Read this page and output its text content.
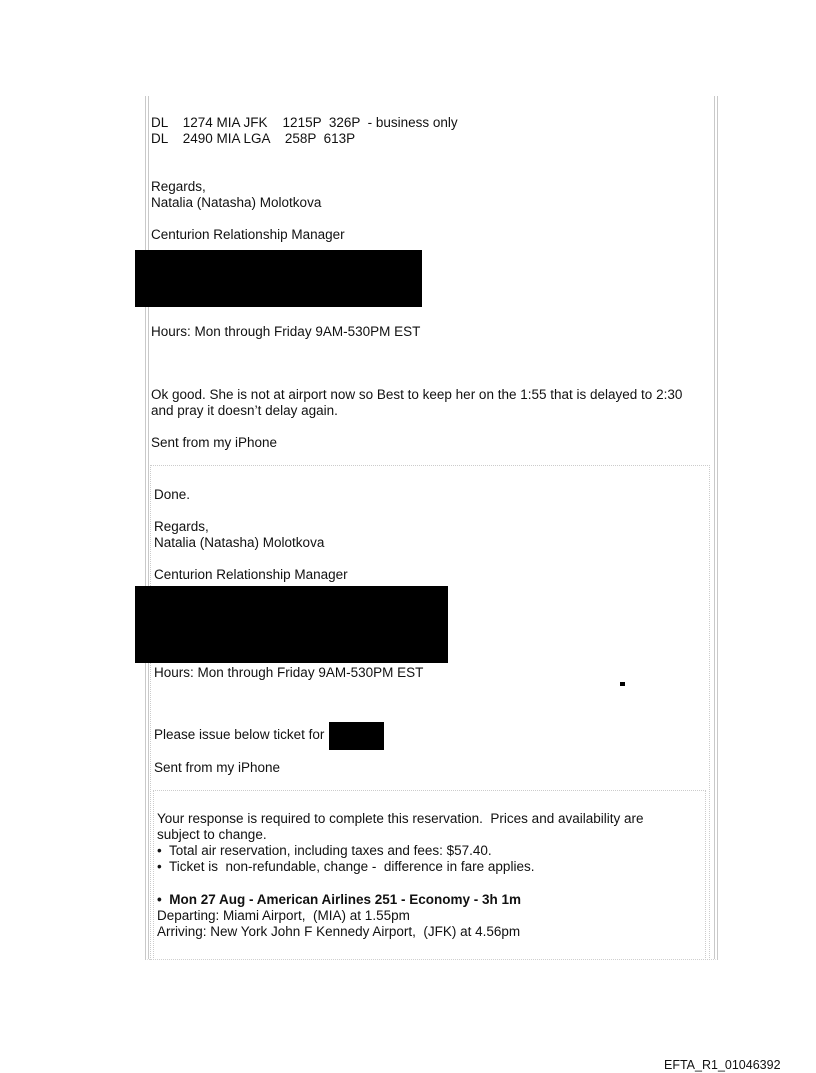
DL    1274 MIA JFK    1215P  326P  - business only
DL    2490 MIA LGA    258P  613P
Regards,
Natalia (Natasha) Molotkova
Centurion Relationship Manager
Hours: Mon through Friday 9AM-530PM EST
Ok good. She is not at airport now so Best to keep her on the 1:55 that is delayed to 2:30
and pray it doesn’t delay again.
Sent from my iPhone
Done.
Regards,
Natalia (Natasha) Molotkova
Centurion Relationship Manager
Hours: Mon through Friday 9AM-530PM EST
Please issue below ticket for
Sent from my iPhone
Your response is required to complete this reservation.  Prices and availability are
subject to change.
•  Total air reservation, including taxes and fees: $57.40.
•  Ticket is  non-refundable, change -  difference in fare applies.
•  Mon 27 Aug - American Airlines 251 - Economy - 3h 1m
Departing: Miami Airport,  (MIA) at 1.55pm
Arriving: New York John F Kennedy Airport,  (JFK) at 4.56pm
EFTA_R1_01046392
